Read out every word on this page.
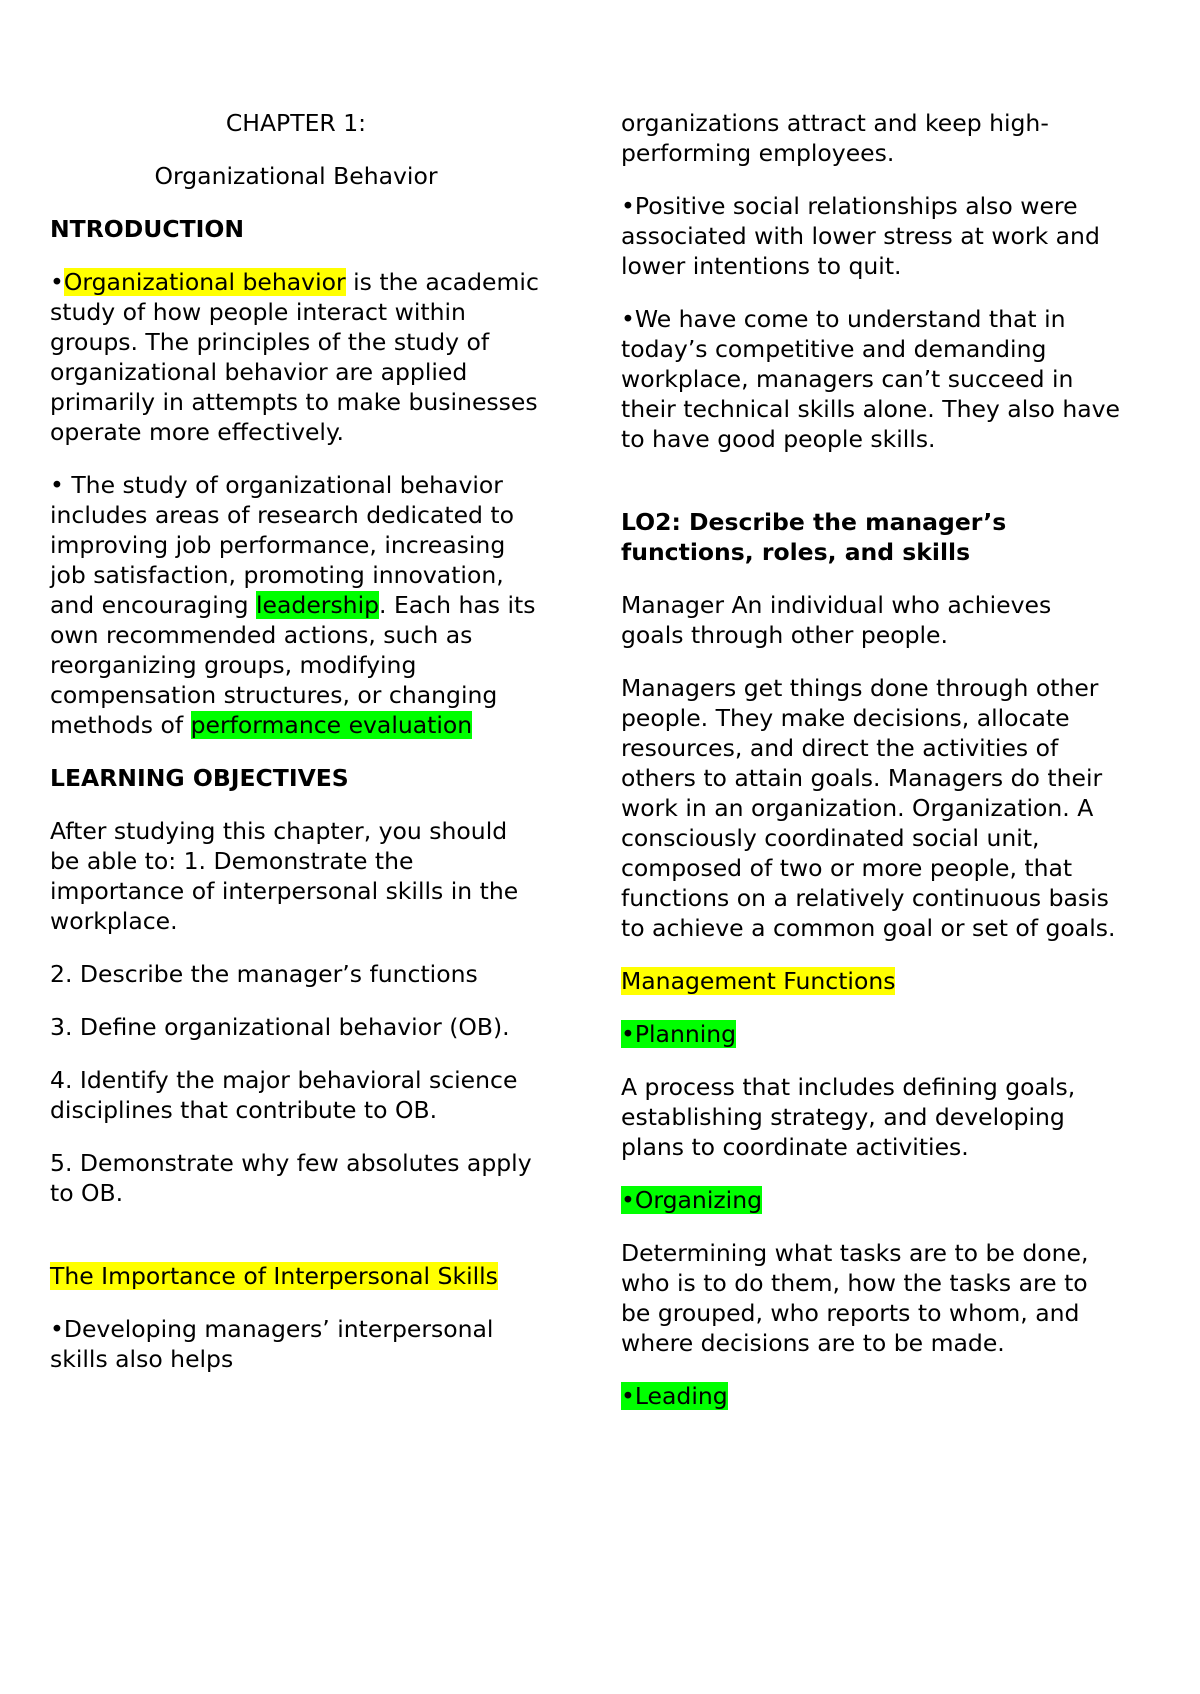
CHAPTER 1:

Organizational Behavior

NTRODUCTION

•Organizational behavior is the academic study of how people interact within groups. The principles of the study of organizational behavior are applied primarily in attempts to make businesses operate more effectively.

• The study of organizational behavior includes areas of research dedicated to improving job performance, increasing job satisfaction, promoting innovation, and encouraging leadership. Each has its own recommended actions, such as reorganizing groups, modifying compensation structures, or changing methods of performance evaluation

LEARNING OBJECTIVES

After studying this chapter, you should be able to: 1. Demonstrate the importance of interpersonal skills in the workplace.

2. Describe the manager’s functions

3. Define organizational behavior (OB).

4. Identify the major behavioral science disciplines that contribute to OB.

5. Demonstrate why few absolutes apply to OB.

The Importance of Interpersonal Skills

•Developing managers’ interpersonal skills also helps

organizations attract and keep high-performing employees.

•Positive social relationships also were associated with lower stress at work and lower intentions to quit.

•We have come to understand that in today’s competitive and demanding workplace, managers can’t succeed in their technical skills alone. They also have to have good people skills.

LO2: Describe the manager’s functions, roles, and skills

Manager An individual who achieves goals through other people.

Managers get things done through other people. They make decisions, allocate resources, and direct the activities of others to attain goals. Managers do their work in an organization. Organization. A consciously coordinated social unit, composed of two or more people, that functions on a relatively continuous basis to achieve a common goal or set of goals.

Management Functions

•Planning

A process that includes defining goals, establishing strategy, and developing plans to coordinate activities.

•Organizing

Determining what tasks are to be done, who is to do them, how the tasks are to be grouped, who reports to whom, and where decisions are to be made.

•Leading
